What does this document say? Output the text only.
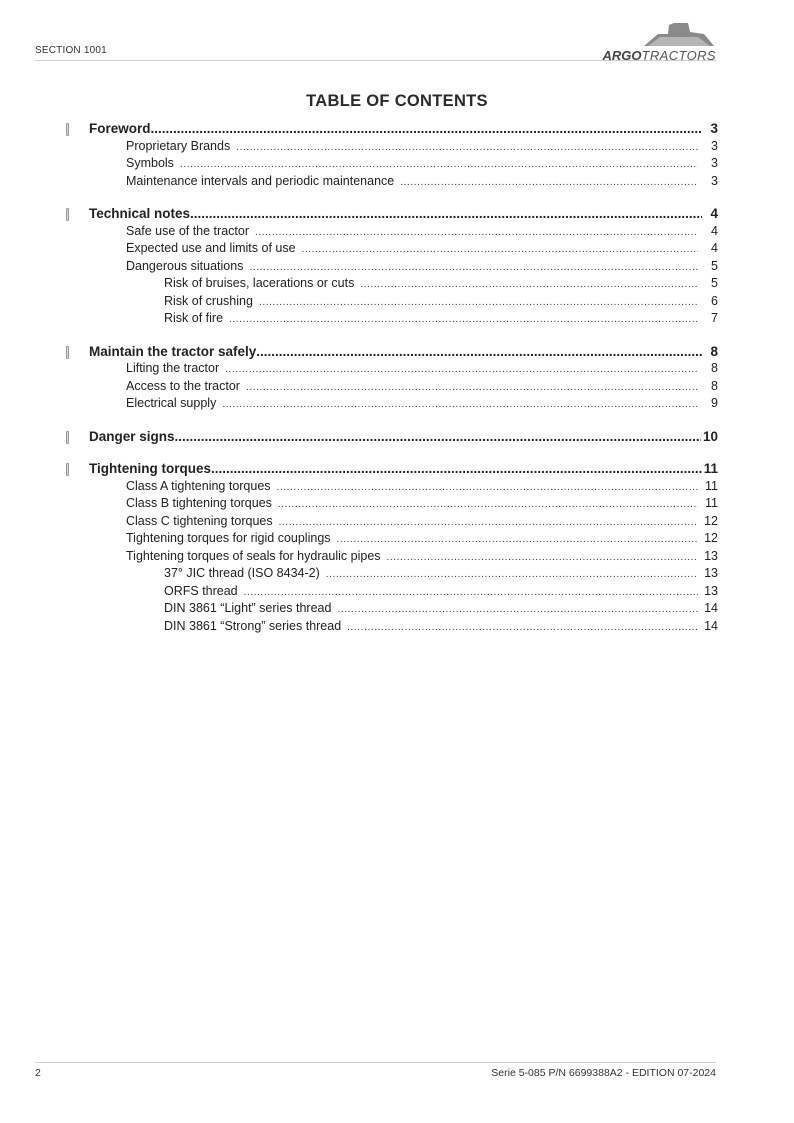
SECTION 1001	ARGOTRACTORS
TABLE OF CONTENTS
Foreword .....	3
Proprietary Brands .....	3
Symbols .....	3
Maintenance intervals and periodic maintenance .....	3
Technical notes .....	4
Safe use of the tractor .....	4
Expected use and limits of use .....	4
Dangerous situations .....	5
Risk of bruises, lacerations or cuts .....	5
Risk of crushing .....	6
Risk of fire .....	7
Maintain the tractor safely .....	8
Lifting the tractor .....	8
Access to the tractor .....	8
Electrical supply .....	9
Danger signs .....	10
Tightening torques .....	11
Class A tightening torques .....	11
Class B tightening torques .....	11
Class C tightening torques .....	12
Tightening torques for rigid couplings .....	12
Tightening torques of seals for hydraulic pipes .....	13
37° JIC thread (ISO 8434-2) .....	13
ORFS thread .....	13
DIN 3861 “Light” series thread .....	14
DIN 3861 “Strong” series thread .....	14
2	Serie 5-085 P/N 6699388A2 - EDITION 07-2024
